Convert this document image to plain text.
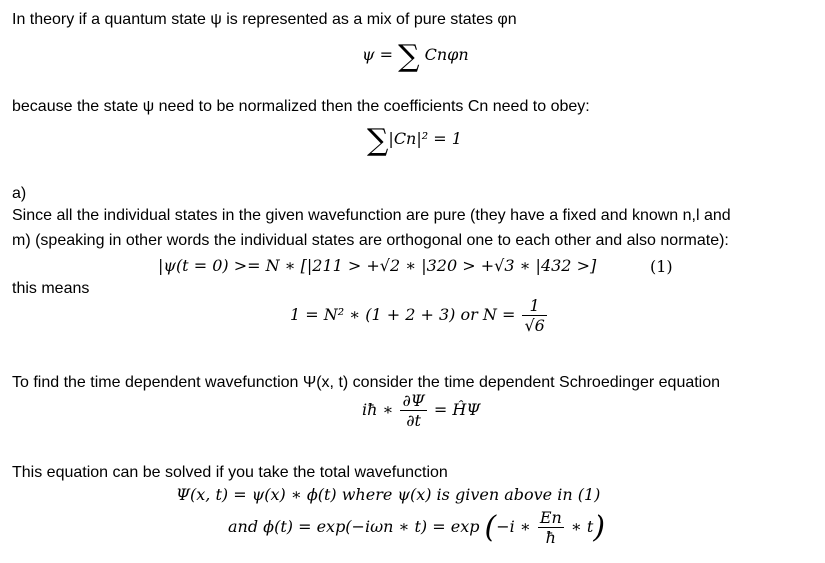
In theory if a quantum state ψ is represented as a mix of pure states φn
ψ = ∑ Cnφn
because the state ψ need to be normalized then the coefficients Cn need to obey:
∑|Cn|² = 1
a)
Since all the individual states in the given wavefunction are pure (they have a fixed and known n,l and
m) (speaking in other words the individual states are orthogonal one to each other and also normate):
|ψ(t = 0) >= N ∗ [|211 > +√2 ∗ |320 > +√3 ∗ |432 >]	(1)
this means
1 = N² ∗ (1 + 2 + 3) or $N = \frac{1}{√6}$
To find the time dependent wavefunction Ψ(x, t) consider the time dependent Schroedinger equation
iħ ∗ $\frac{\partial\Psi}{\partial t}$ = ĤΨ
This equation can be solved if you take the total wavefunction
Ψ(x, t) = ψ(x) ∗ ϕ(t) where ψ(x) is given above in (1)
and ϕ(t) = exp(−iωn ∗ t) = exp (−i ∗ $\frac{En}{ħ}$ ∗ t)
